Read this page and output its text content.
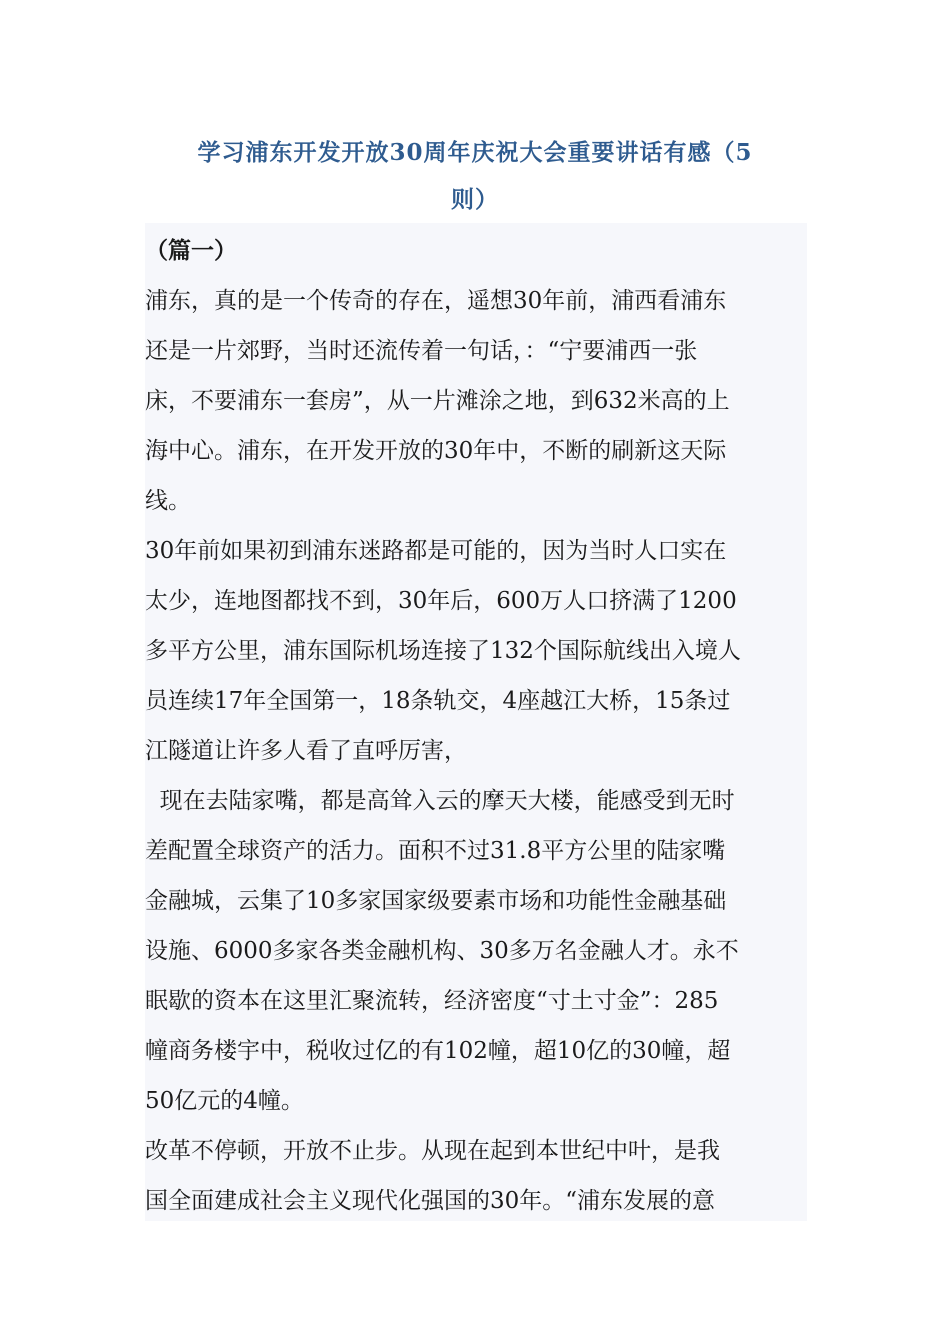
学习浦东开发开放30周年庆祝大会重要讲话有感（5
则）
（篇一）
浦东，真的是一个传奇的存在，遥想30年前，浦西看浦东
还是一片郊野，当时还流传着一句话，：“宁要浦西一张
床，不要浦东一套房”，从一片滩涂之地，到632米高的上
海中心。浦东，在开发开放的30年中，不断的刷新这天际
线。
30年前如果初到浦东迷路都是可能的，因为当时人口实在
太少，连地图都找不到，30年后，600万人口挤满了1200
多平方公里，浦东国际机场连接了132个国际航线出入境人
员连续17年全国第一，18条轨交，4座越江大桥，15条过
江隧道让许多人看了直呼厉害，
现在去陆家嘴，都是高耸入云的摩天大楼，能感受到无时
差配置全球资产的活力。面积不过31.8平方公里的陆家嘴
金融城，云集了10多家国家级要素市场和功能性金融基础
设施、6000多家各类金融机构、30多万名金融人才。永不
眠歇的资本在这里汇聚流转，经济密度“寸土寸金”：285
幢商务楼宇中，税收过亿的有102幢，超10亿的30幢，超
50亿元的4幢。
改革不停顿，开放不止步。从现在起到本世纪中叶，是我
国全面建成社会主义现代化强国的30年。“浦东发展的意
